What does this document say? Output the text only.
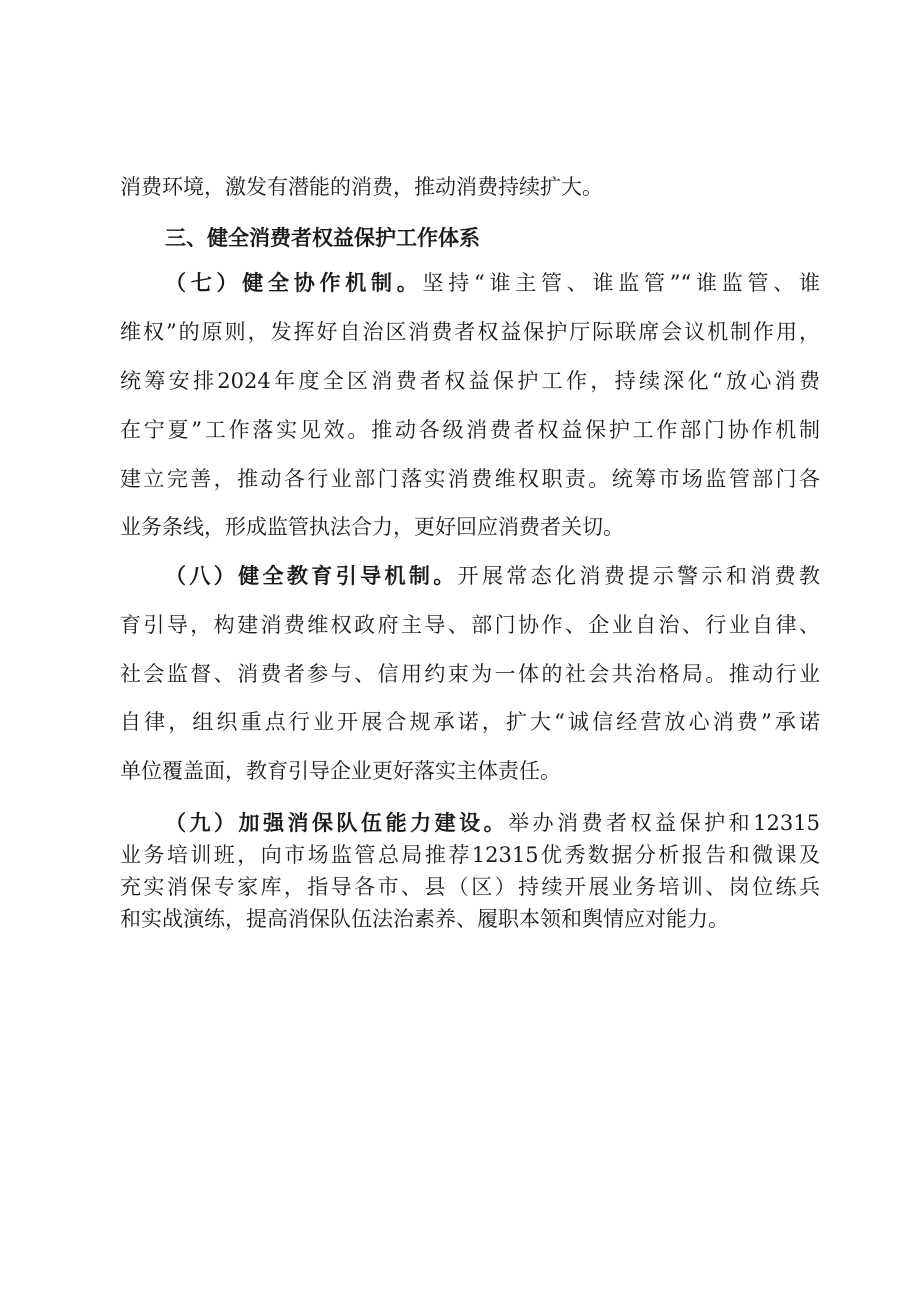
消费环境，激发有潜能的消费，推动消费持续扩大。
三、健全消费者权益保护工作体系
（七）健全协作机制。坚持“谁主管、谁监管”“谁监管、谁
维权”的原则，发挥好自治区消费者权益保护厅际联席会议机制作用，
统筹安排2024年度全区消费者权益保护工作，持续深化“放心消费
在宁夏”工作落实见效。推动各级消费者权益保护工作部门协作机制
建立完善，推动各行业部门落实消费维权职责。统筹市场监管部门各
业务条线，形成监管执法合力，更好回应消费者关切。
（八）健全教育引导机制。开展常态化消费提示警示和消费教
育引导，构建消费维权政府主导、部门协作、企业自治、行业自律、
社会监督、消费者参与、信用约束为一体的社会共治格局。推动行业
自律，组织重点行业开展合规承诺，扩大“诚信经营放心消费”承诺
单位覆盖面，教育引导企业更好落实主体责任。
（九）加强消保队伍能力建设。举办消费者权益保护和12315
业务培训班，向市场监管总局推荐12315优秀数据分析报告和微课及
充实消保专家库，指导各市、县（区）持续开展业务培训、岗位练兵
和实战演练，提高消保队伍法治素养、履职本领和舆情应对能力。
